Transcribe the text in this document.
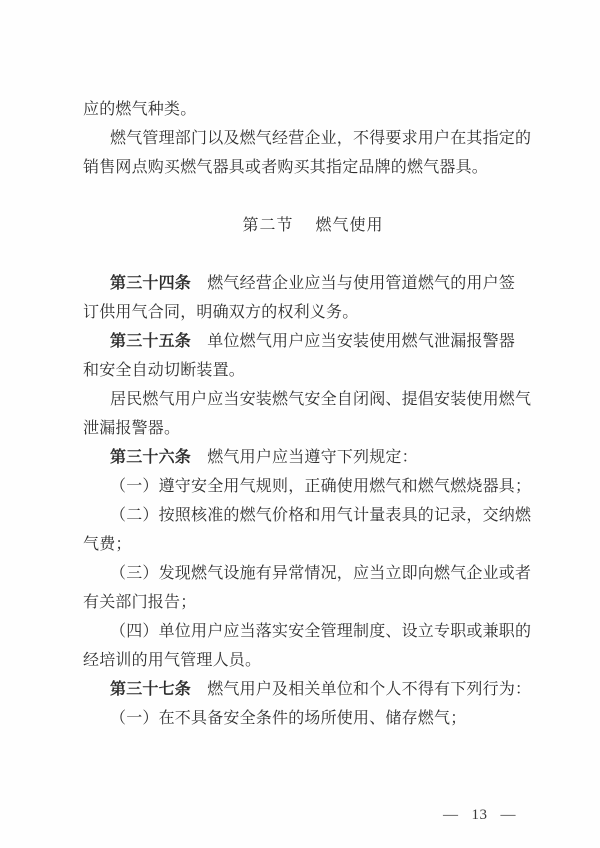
应的燃气种类。

燃气管理部门以及燃气经营企业，不得要求用户在其指定的

销售网点购买燃气器具或者购买其指定品牌的燃气器具。

第二节 燃气使用

第三十四条　燃气经营企业应当与使用管道燃气的用户签

订供用气合同，明确双方的权利义务。

第三十五条　单位燃气用户应当安装使用燃气泄漏报警器

和安全自动切断装置。

居民燃气用户应当安装燃气安全自闭阀、提倡安装使用燃气

泄漏报警器。

第三十六条　燃气用户应当遵守下列规定：

（一）遵守安全用气规则，正确使用燃气和燃气燃烧器具；

（二）按照核准的燃气价格和用气计量表具的记录，交纳燃

气费；

（三）发现燃气设施有异常情况，应当立即向燃气企业或者

有关部门报告；

（四）单位用户应当落实安全管理制度、设立专职或兼职的

经培训的用气管理人员。

第三十七条　燃气用户及相关单位和个人不得有下列行为：

（一）在不具备安全条件的场所使用、储存燃气；

— 13 —
